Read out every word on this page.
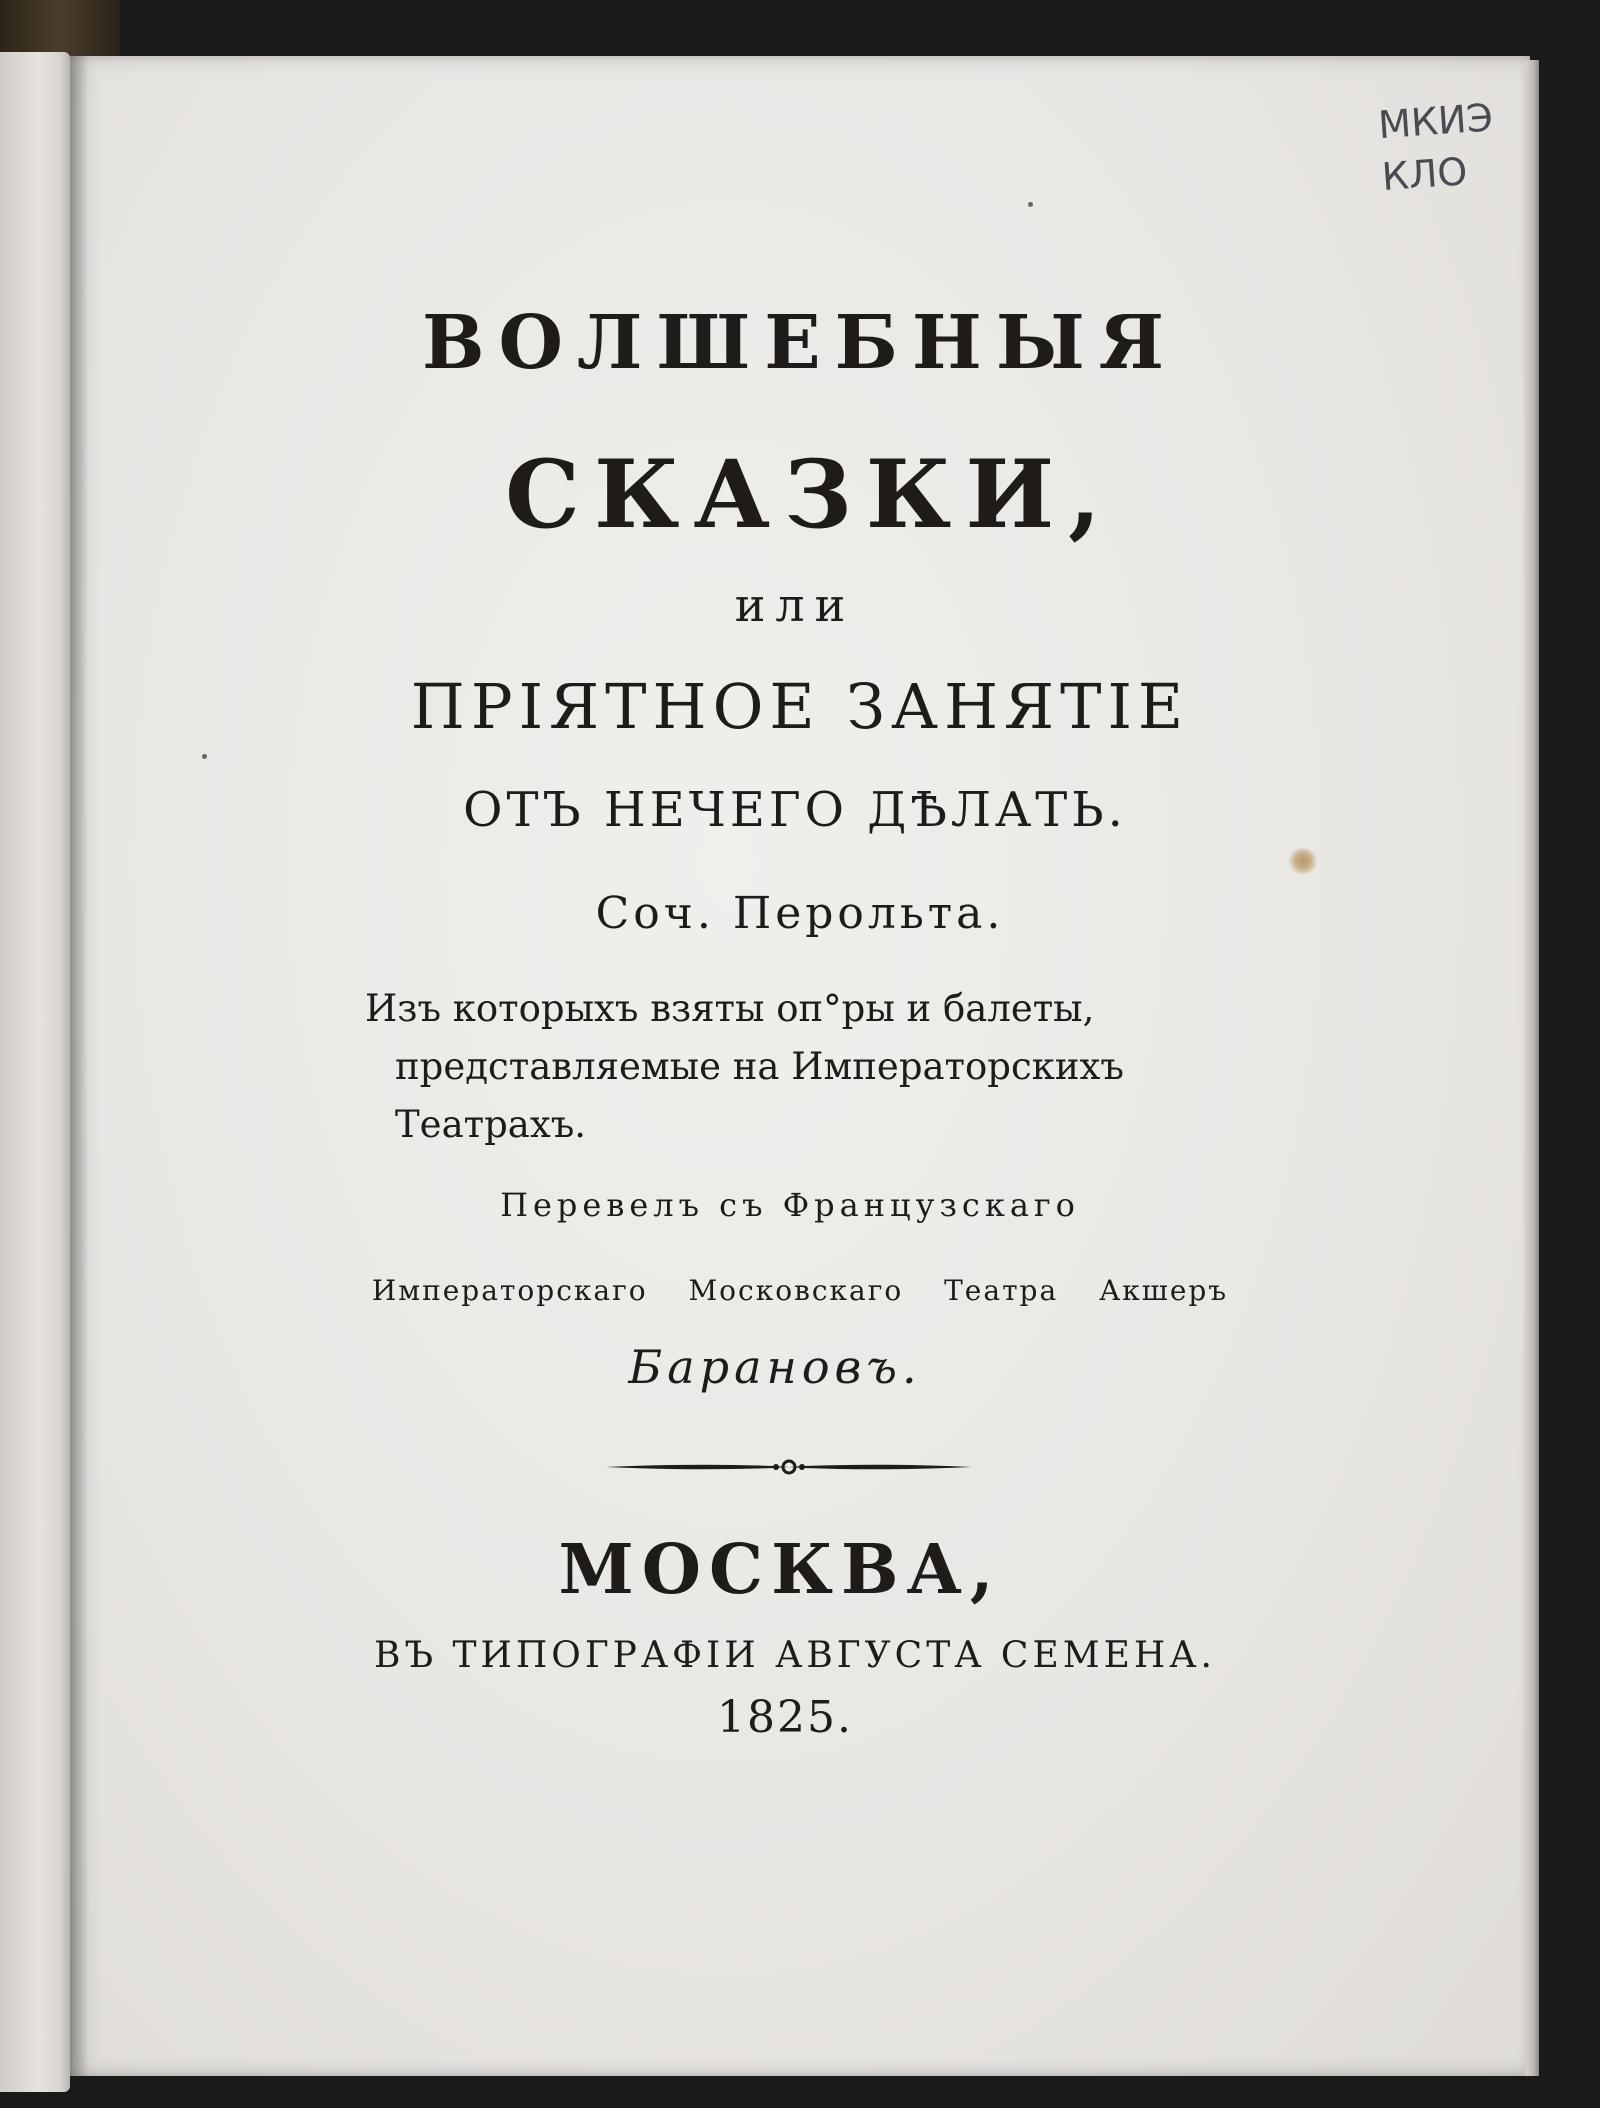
МКИЭ
КЛО
ВОЛШЕБНЫЯ
СКАЗКИ,
или
ПРІЯТНОЕ ЗАНЯТІЕ
ОТЪ НЕЧЕГО ДѢЛАТЬ.
Соч. Перольта.
Изъ которыхъ взяты оп°ры и балеты,
представляемые на Императорскихъ
Театрахъ.
Перевелъ съ Французскаго
Императорскаго Московскаго Театра Акшеръ
Барановъ.
МОСКВА,
ВЪ ТИПОГРАФІИ АВГУСТА СЕМЕНА.
1825.
